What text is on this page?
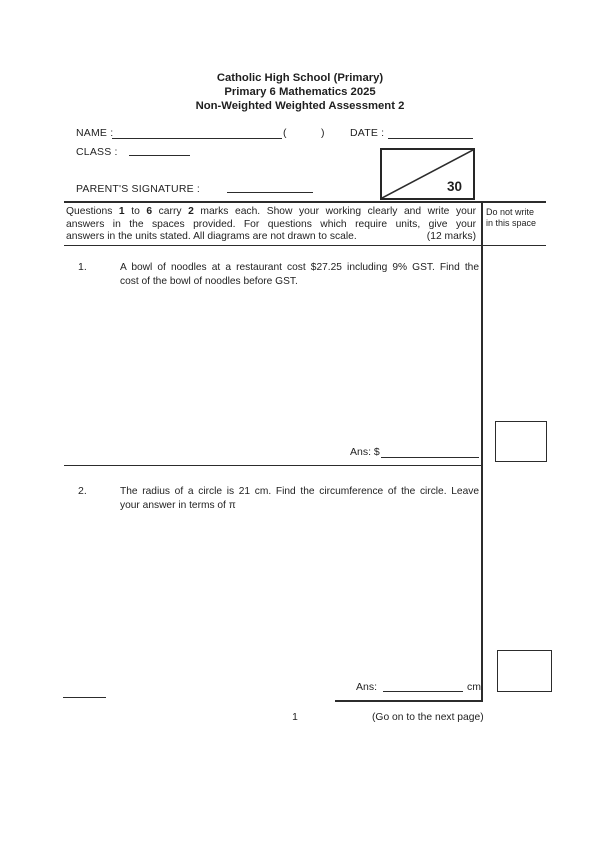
Catholic High School (Primary)
Primary 6 Mathematics 2025
Non-Weighted Weighted Assessment 2
NAME :	(	) DATE :
CLASS :
PARENT'S SIGNATURE :	30
Questions 1 to 6 carry 2 marks each. Show your working clearly and write your
answers in the spaces provided. For questions which require units, give your
answers in the units stated. All diagrams are not drawn to scale.	(12 marks)
Do not write
in this space
1.	A bowl of noodles at a restaurant cost $27.25 including 9% GST. Find the
cost of the bowl of noodles before GST.
Ans: $
2.	The radius of a circle is 21 cm. Find the circumference of the circle. Leave
your answer in terms of π
Ans:	cm
1	(Go on to the next page)
